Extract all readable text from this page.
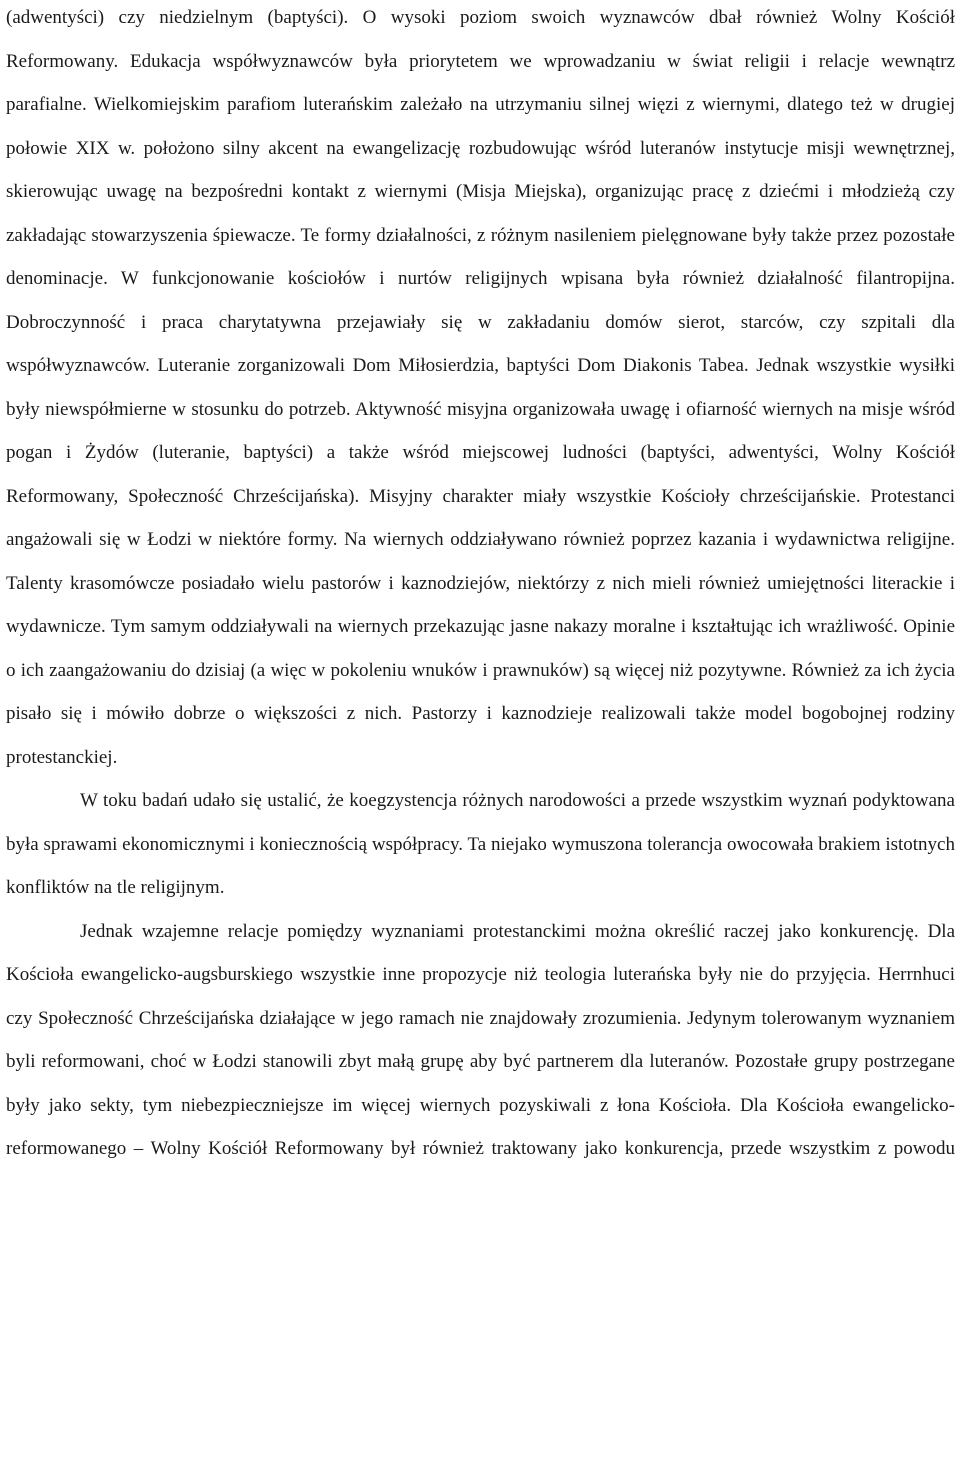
(adwentyści) czy niedzielnym (baptyści). O wysoki poziom swoich wyznawców dbał również Wolny Kościół Reformowany. Edukacja współwyznawców była priorytetem we wprowadzaniu w świat religii i relacje wewnątrz parafialne. Wielkomiejskim parafiom luterańskim zależało na utrzymaniu silnej więzi z wiernymi, dlatego też w drugiej połowie XIX w. położono silny akcent na ewangelizację rozbudowując wśród luteranów instytucje misji wewnętrznej, skierowując uwagę na bezpośredni kontakt z wiernymi (Misja Miejska), organizując pracę z dziećmi i młodzieżą czy zakładając stowarzyszenia śpiewacze. Te formy działalności, z różnym nasileniem pielęgnowane były także przez pozostałe denominacje. W funkcjonowanie kościołów i nurtów religijnych wpisana była również działalność filantropijna. Dobroczynność i praca charytatywna przejawiały się w zakładaniu domów sierot, starców, czy szpitali dla współwyznawców. Luteranie zorganizowali Dom Miłosierdzia, baptyści Dom Diakonis Tabea. Jednak wszystkie wysiłki były niewspółmierne w stosunku do potrzeb. Aktywność misyjna organizowała uwagę i ofiarność wiernych na misje wśród pogan i Żydów (luteranie, baptyści) a także wśród miejscowej ludności (baptyści, adwentyści, Wolny Kościół Reformowany, Społeczność Chrześcijańska). Misyjny charakter miały wszystkie Kościoły chrześcijańskie. Protestanci angażowali się w Łodzi w niektóre formy. Na wiernych oddziaływano również poprzez kazania i wydawnictwa religijne. Talenty krasomówcze posiadało wielu pastorów i kaznodziejów, niektórzy z nich mieli również umiejętności literackie i wydawnicze. Tym samym oddziaływali na wiernych przekazując jasne nakazy moralne i kształtując ich wrażliwość. Opinie o ich zaangażowaniu do dzisiaj (a więc w pokoleniu wnuków i prawnuków) są więcej niż pozytywne. Również za ich życia pisało się i mówiło dobrze o większości z nich. Pastorzy i kaznodzieje realizowali także model bogobojnej rodziny protestanckiej.

W toku badań udało się ustalić, że koegzystencja różnych narodowości a przede wszystkim wyznań podyktowana była sprawami ekonomicznymi i koniecznością współpracy. Ta niejako wymuszona tolerancja owocowała brakiem istotnych konfliktów na tle religijnym.

Jednak wzajemne relacje pomiędzy wyznaniami protestanckimi można określić raczej jako konkurencję. Dla Kościoła ewangelicko-augsburskiego wszystkie inne propozycje niż teologia luterańska były nie do przyjęcia. Herrnhuci czy Społeczność Chrześcijańska działające w jego ramach nie znajdowały zrozumienia. Jedynym tolerowanym wyznaniem byli reformowani, choć w Łodzi stanowili zbyt małą grupę aby być partnerem dla luteranów. Pozostałe grupy postrzegane były jako sekty, tym niebezpieczniejsze im więcej wiernych pozyskiwali z łona Kościoła. Dla Kościoła ewangelicko-reformowanego – Wolny Kościół Reformowany był również traktowany jako konkurencja, przede wszystkim z powodu
